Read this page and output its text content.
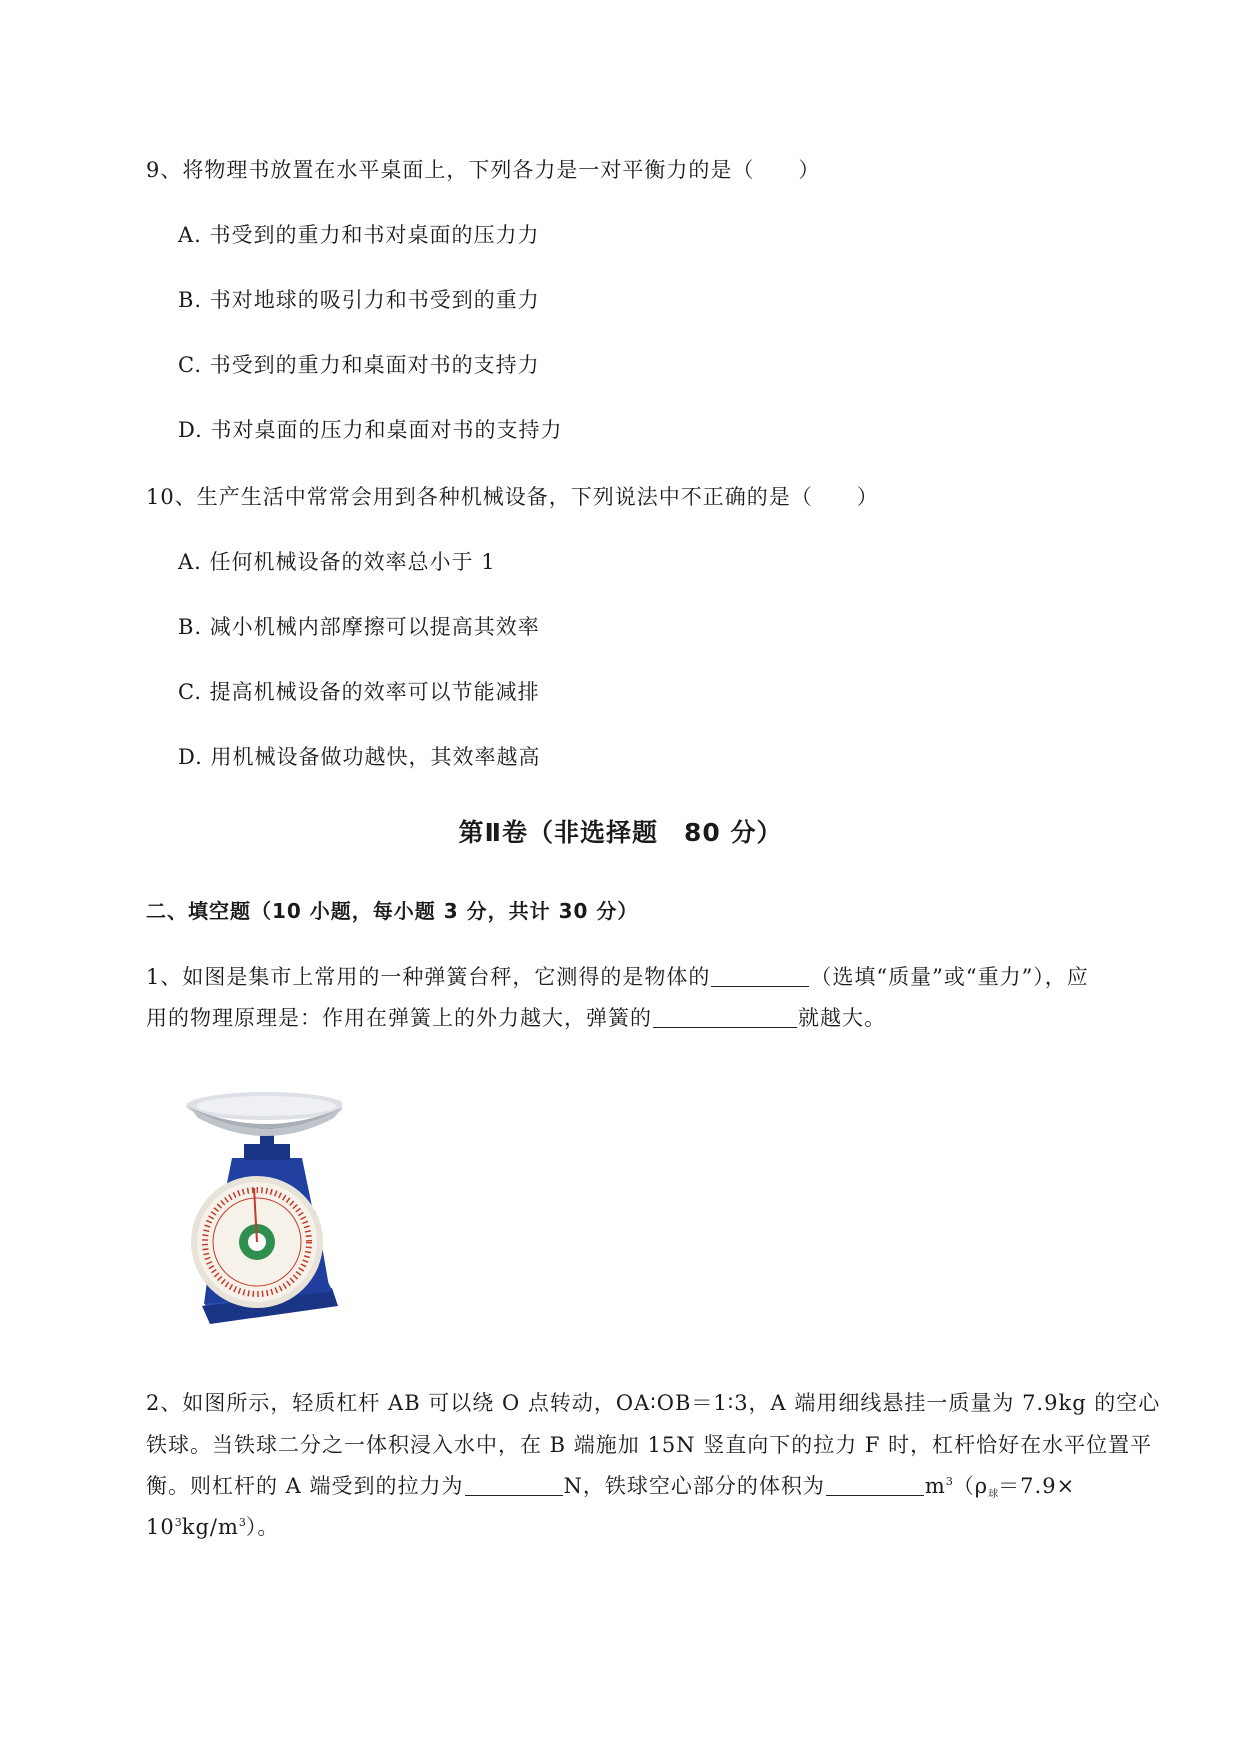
9、将物理书放置在水平桌面上，下列各力是一对平衡力的是（　　）
A. 书受到的重力和书对桌面的压力力
B. 书对地球的吸引力和书受到的重力
C. 书受到的重力和桌面对书的支持力
D. 书对桌面的压力和桌面对书的支持力
10、生产生活中常常会用到各种机械设备，下列说法中不正确的是（　　）
A. 任何机械设备的效率总小于 1
B. 减小机械内部摩擦可以提高其效率
C. 提高机械设备的效率可以节能减排
D. 用机械设备做功越快，其效率越高
第Ⅱ卷（非选择题　80 分）
二、填空题（10 小题，每小题 3 分，共计 30 分）
1、如图是集市上常用的一种弹簧台秤，它测得的是物体的	（选填“质量”或“重力”），应
用的物理原理是：作用在弹簧上的外力越大，弹簧的	就越大。
2、如图所示，轻质杠杆 AB 可以绕 O 点转动，OA∶OB＝1∶3，A 端用细线悬挂一质量为 7.9kg 的空心
铁球。当铁球二分之一体积浸入水中，在 B 端施加 15N 竖直向下的拉力 F 时，杠杆恰好在水平位置平
衡。则杠杆的 A 端受到的拉力为	N，铁球空心部分的体积为	$m^3(\rho_球=7.9\times$
$10^3kg/m^3$）。
